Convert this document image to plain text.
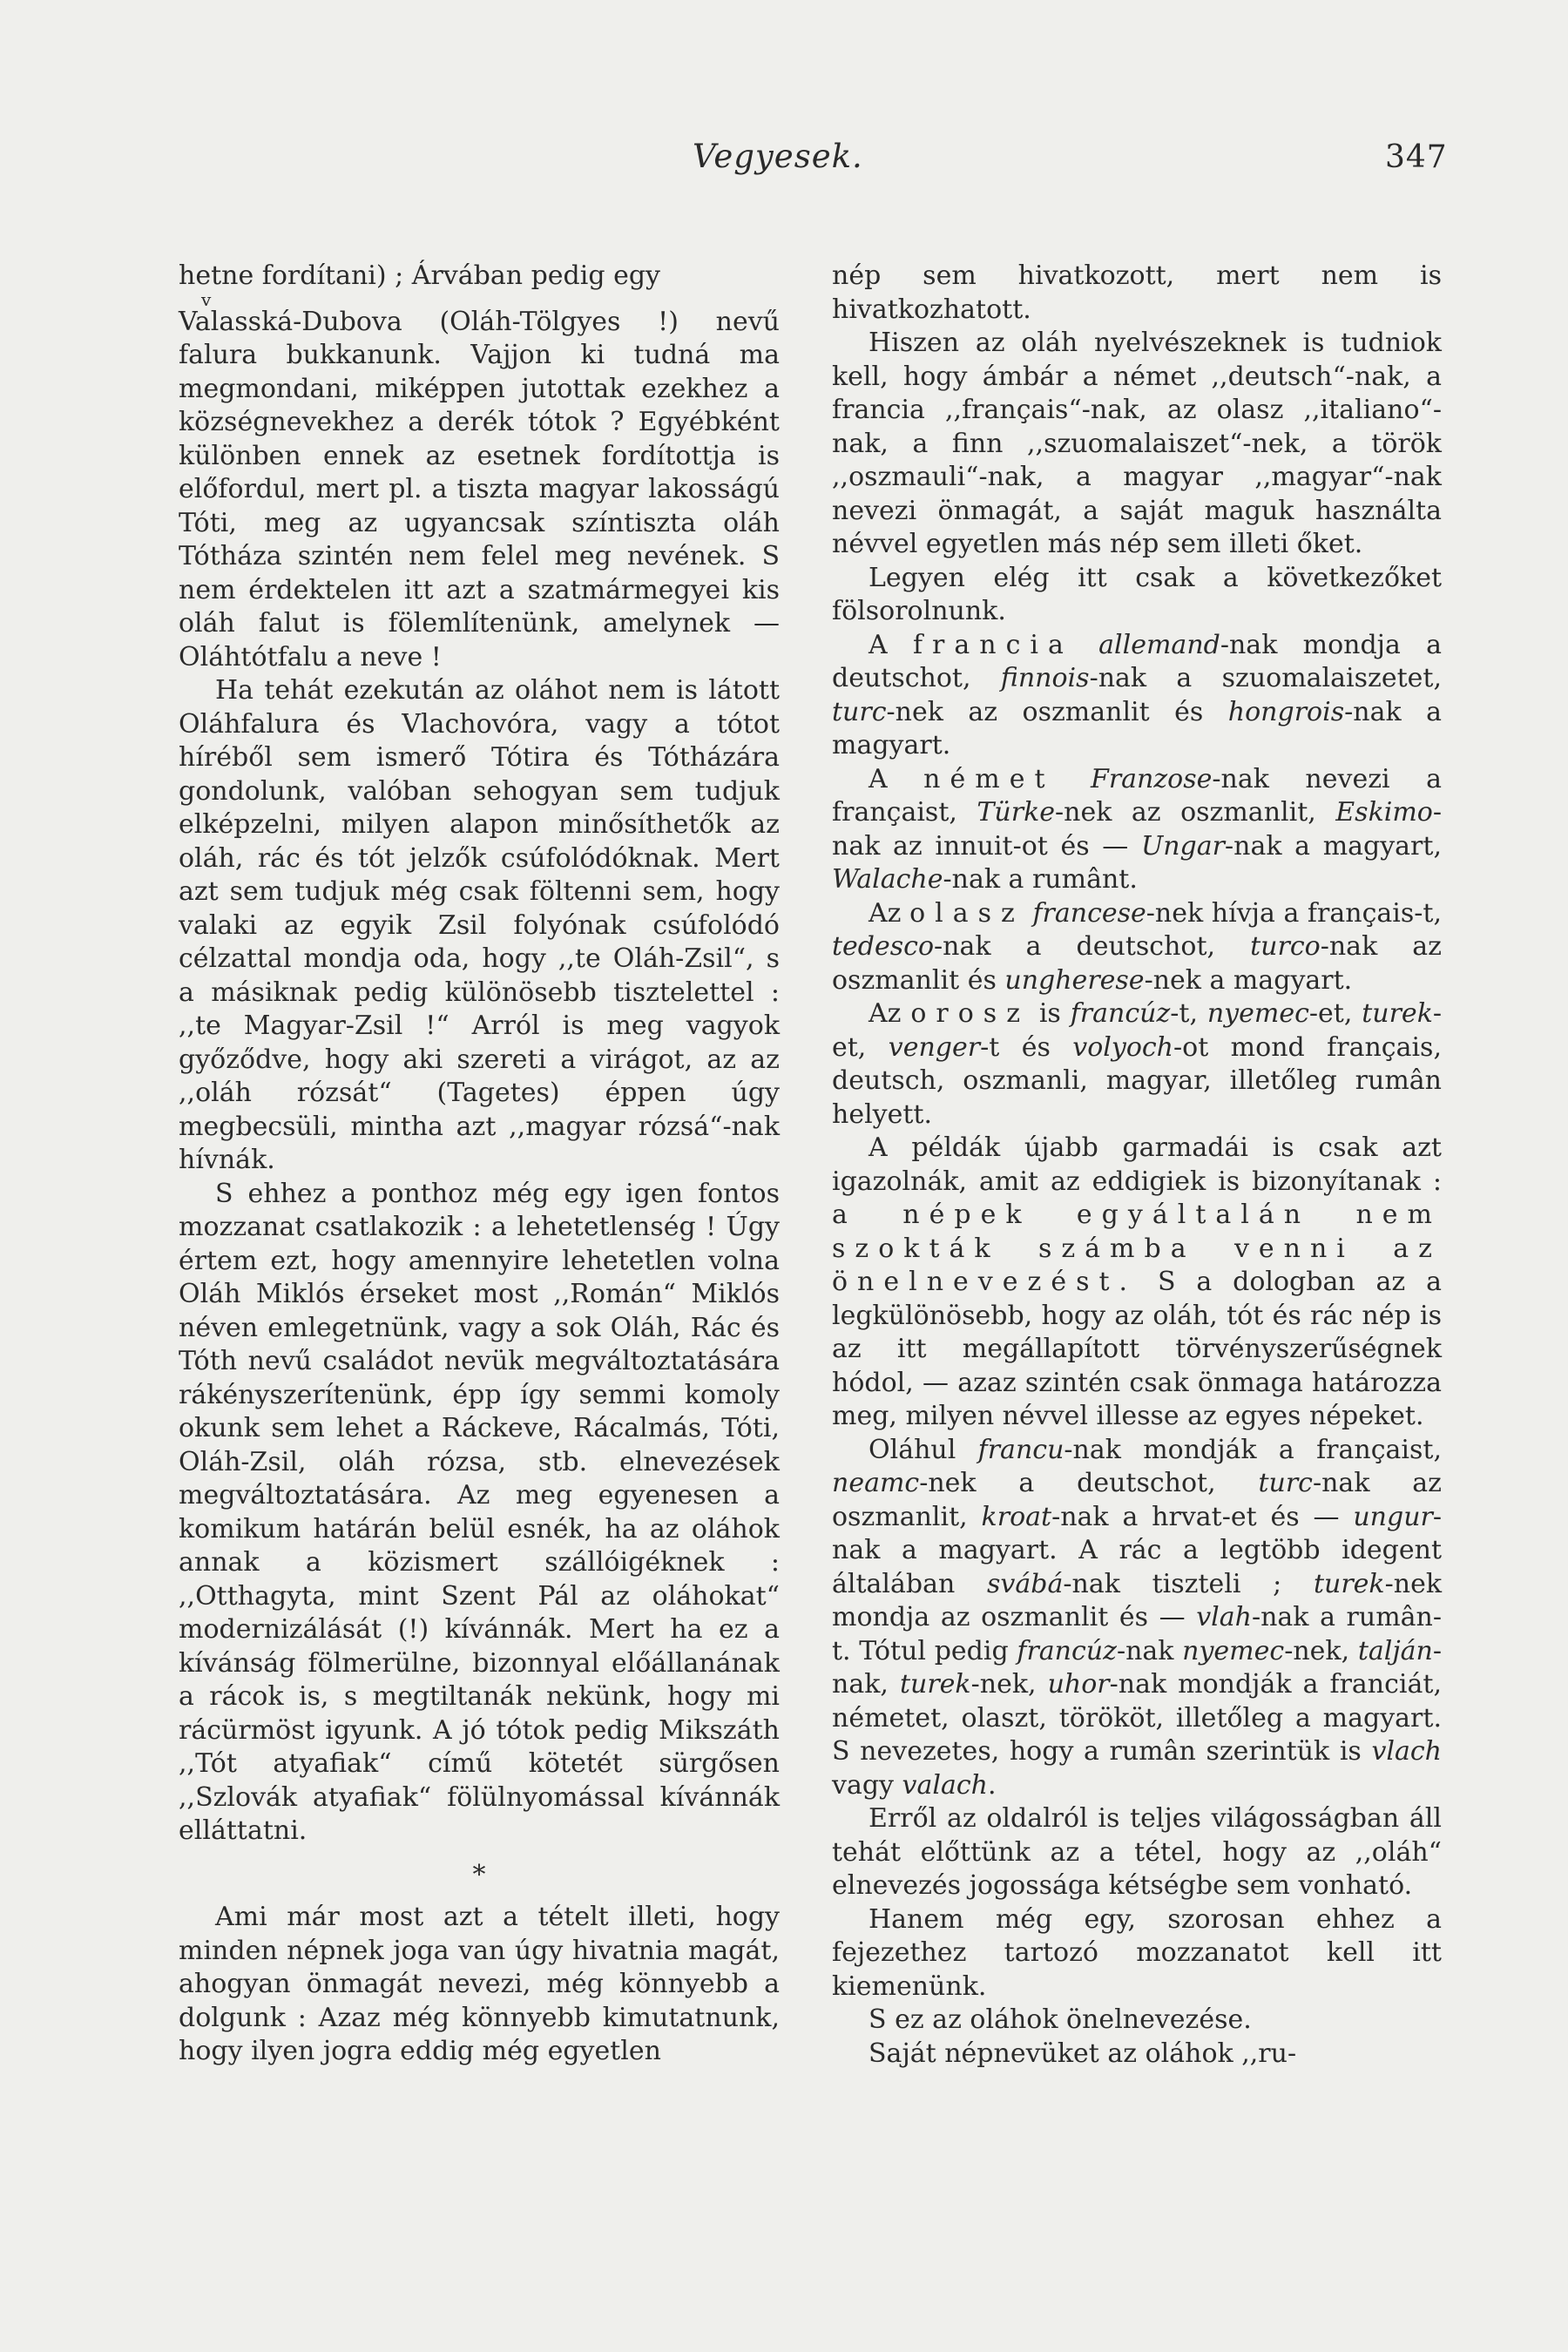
Vegyesek.	347

hetne fordítani) ; Árvában pedig egy
v
Valasská-Dubova (Oláh-Tölgyes !) nevű falura bukkanunk. Vajjon ki tudná ma megmondani, miképpen jutottak ezekhez a községnevekhez a derék tótok ? Egyébként különben ennek az esetnek fordítottja is előfordul, mert pl. a tiszta magyar lakosságú Tóti, meg az ugyancsak színtiszta oláh Tótháza szintén nem felel meg nevének. S nem érdektelen itt azt a szatmármegyei kis oláh falut is fölemlítenünk, amelynek — Oláhtótfalu a neve !

Ha tehát ezekután az oláhot nem is látott Oláhfalura és Vlachovóra, vagy a tótot híréből sem ismerő Tótira és Tótházára gondolunk, valóban sehogyan sem tudjuk elképzelni, milyen alapon minősíthetők az oláh, rác és tót jelzők csúfolódóknak. Mert azt sem tudjuk még csak föltenni sem, hogy valaki az egyik Zsil folyónak csúfolódó célzattal mondja oda, hogy ,,te Oláh-Zsil“, s a másiknak pedig különösebb tisztelettel : ,,te Magyar-Zsil !“ Arról is meg vagyok győződve, hogy aki szereti a virágot, az az ,,oláh rózsát“ (Tagetes) éppen úgy megbecsüli, mintha azt ,,magyar rózsá“-nak hívnák.

S ehhez a ponthoz még egy igen fontos mozzanat csatlakozik : a lehetetlenség ! Úgy értem ezt, hogy amennyire lehetetlen volna Oláh Miklós érseket most ,,Román“ Miklós néven emlegetnünk, vagy a sok Oláh, Rác és Tóth nevű családot nevük megváltoztatására rákényszerítenünk, épp így semmi komoly okunk sem lehet a Ráckeve, Rácalmás, Tóti, Oláh-Zsil, oláh rózsa, stb. elnevezések megváltoztatására. Az meg egyenesen a komikum határán belül esnék, ha az oláhok annak a közismert szállóigéknek : ,,Otthagyta, mint Szent Pál az oláhokat“ modernizálását (!) kívánnák. Mert ha ez a kívánság fölmerülne, bizonnyal előállanának a rácok is, s megtiltanák nekünk, hogy mi rácürmöst igyunk. A jó tótok pedig Mikszáth ,,Tót atyafiak“ című kötetét sürgősen ,,Szlovák atyafiak“ fölülnyomással kívánnák elláttatni.

*

Ami már most azt a tételt illeti, hogy minden népnek joga van úgy hivatnia magát, ahogyan önmagát nevezi, még könnyebb a dolgunk : Azaz még könnyebb kimutatnunk, hogy ilyen jogra eddig még egyetlen

nép sem hivatkozott, mert nem is hivatkozhatott.

Hiszen az oláh nyelvészeknek is tudniok kell, hogy ámbár a német ,,deutsch“-nak, a francia ,,français“-nak, az olasz ,,italiano“-nak, a finn ,,szuomalaiszet“-nek, a török ,,oszmauli“-nak, a magyar ,,magyar“-nak nevezi önmagát, a saját maguk használta névvel egyetlen más nép sem illeti őket.

Legyen elég itt csak a következőket fölsorolnunk.

A francia allemand-nak mondja a deutschot, finnois-nak a szuomalaiszetet, turc-nek az oszmanlit és hongrois-nak a magyart.

A német Franzose-nak nevezi a françaist, Türke-nek az oszmanlit, Eskimo-nak az innuit-ot és — Ungar-nak a magyart, Walache-nak a rumânt.

Az olasz francese-nek hívja a français-t, tedesco-nak a deutschot, turco-nak az oszmanlit és ungherese-nek a magyart.

Az orosz is francúz-t, nyemec-et, turek-et, venger-t és volyoch-ot mond français, deutsch, oszmanli, magyar, illetőleg rumân helyett.

A példák újabb garmadái is csak azt igazolnák, amit az eddigiek is bizonyítanak : a népek egyáltalán nem szokták számba venni az önelnevezést. S a dologban az a legkülönösebb, hogy az oláh, tót és rác nép is az itt megállapított törvényszerűségnek hódol, — azaz szintén csak önmaga határozza meg, milyen névvel illesse az egyes népeket.

Oláhul francu-nak mondják a françaist, neamc-nek a deutschot, turc-nak az oszmanlit, kroat-nak a hrvat-et és — ungur-nak a magyart. A rác a legtöbb idegent általában svábá-nak tiszteli ; turek-nek mondja az oszmanlit és — vlah-nak a rumân-t. Tótul pedig francúz-nak nyemec-nek, talján-nak, turek-nek, uhor-nak mondják a franciát, németet, olaszt, törököt, illetőleg a magyart. S nevezetes, hogy a rumân szerintük is vlach vagy valach.

Erről az oldalról is teljes világosságban áll tehát előttünk az a tétel, hogy az ,,oláh“ elnevezés jogossága kétségbe sem vonható.

Hanem még egy, szorosan ehhez a fejezethez tartozó mozzanatot kell itt kiemenünk.

S ez az oláhok önelnevezése.

Saját népnevüket az oláhok ,,ru-
